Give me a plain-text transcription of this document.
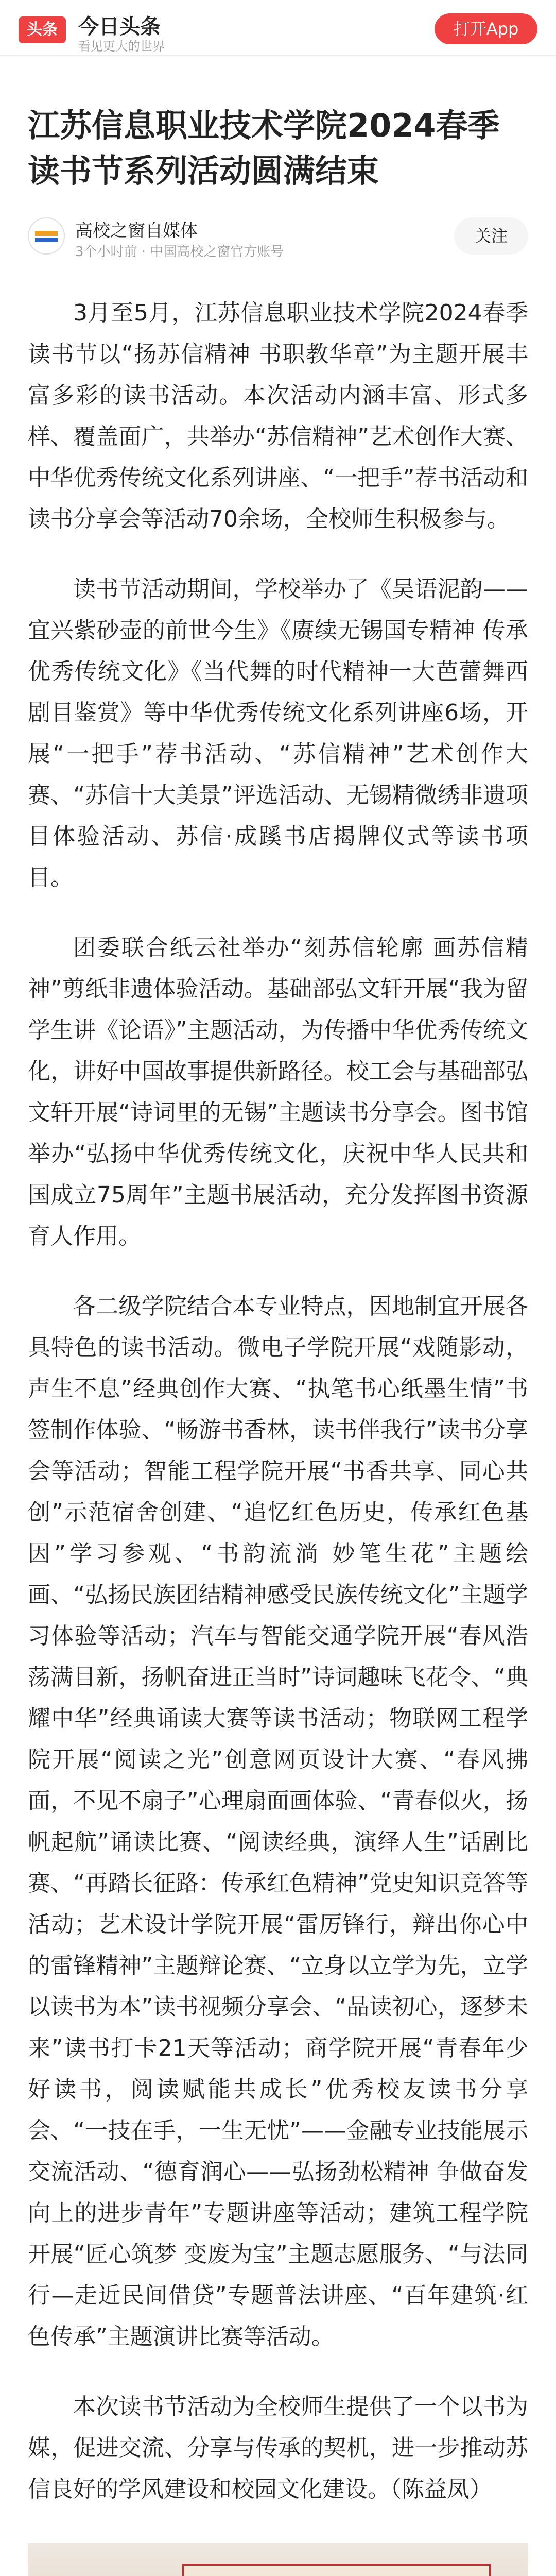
头条	今日头条
看见更大的世界
打开App
江苏信息职业技术学院2024春季读书节系列活动圆满结束
高校之窗自媒体
3个小时前 · 中国高校之窗官方账号
关注

3月至5月，江苏信息职业技术学院2024春季读书节以“扬苏信精神 书职教华章”为主题开展丰富多彩的读书活动。本次活动内涵丰富、形式多样、覆盖面广，共举办“苏信精神”艺术创作大赛、中华优秀传统文化系列讲座、“一把手”荐书活动和读书分享会等活动70余场，全校师生积极参与。

读书节活动期间，学校举办了《吴语泥韵——宜兴紫砂壶的前世今生》《赓续无锡国专精神 传承优秀传统文化》《当代舞的时代精神一大芭蕾舞西剧目鉴赏》等中华优秀传统文化系列讲座6场，开展“一把手”荐书活动、“苏信精神”艺术创作大赛、“苏信十大美景”评选活动、无锡精微绣非遗项目体验活动、苏信·成蹊书店揭牌仪式等读书项目。

团委联合纸云社举办“刻苏信轮廓 画苏信精神”剪纸非遗体验活动。基础部弘文轩开展“我为留学生讲《论语》”主题活动，为传播中华优秀传统文化，讲好中国故事提供新路径。校工会与基础部弘文轩开展“诗词里的无锡”主题读书分享会。图书馆举办“弘扬中华优秀传统文化，庆祝中华人民共和国成立75周年”主题书展活动，充分发挥图书资源育人作用。

各二级学院结合本专业特点，因地制宜开展各具特色的读书活动。微电子学院开展“戏随影动，声生不息”经典创作大赛、“执笔书心纸墨生情”书签制作体验、“畅游书香林，读书伴我行”读书分享会等活动；智能工程学院开展“书香共享、同心共创”示范宿舍创建、“追忆红色历史，传承红色基因”学习参观、“书韵流淌 妙笔生花”主题绘画、“弘扬民族团结精神感受民族传统文化”主题学习体验等活动；汽车与智能交通学院开展“春风浩荡满目新，扬帆奋进正当时”诗词趣味飞花令、“典耀中华”经典诵读大赛等读书活动；物联网工程学院开展“阅读之光”创意网页设计大赛、“春风拂面，不见不扇子”心理扇面画体验、“青春似火，扬帆起航”诵读比赛、“阅读经典，演绎人生”话剧比赛、“再踏长征路：传承红色精神”党史知识竞答等活动；艺术设计学院开展“雷厉锋行，辩出你心中的雷锋精神”主题辩论赛、“立身以立学为先，立学以读书为本”读书视频分享会、“品读初心，逐梦未来”读书打卡21天等活动；商学院开展“青春年少好读书，阅读赋能共成长”优秀校友读书分享会、“一技在手，一生无忧”——金融专业技能展示交流活动、“德育润心——弘扬劲松精神 争做奋发向上的进步青年”专题讲座等活动；建筑工程学院开展“匠心筑梦 变废为宝”主题志愿服务、“与法同行—走近民间借贷”专题普法讲座、“百年建筑·红色传承”主题演讲比赛等活动。

本次读书节活动为全校师生提供了一个以书为媒，促进交流、分享与传承的契机，进一步推动苏信良好的学风建设和校园文化建设。（陈益凤）
